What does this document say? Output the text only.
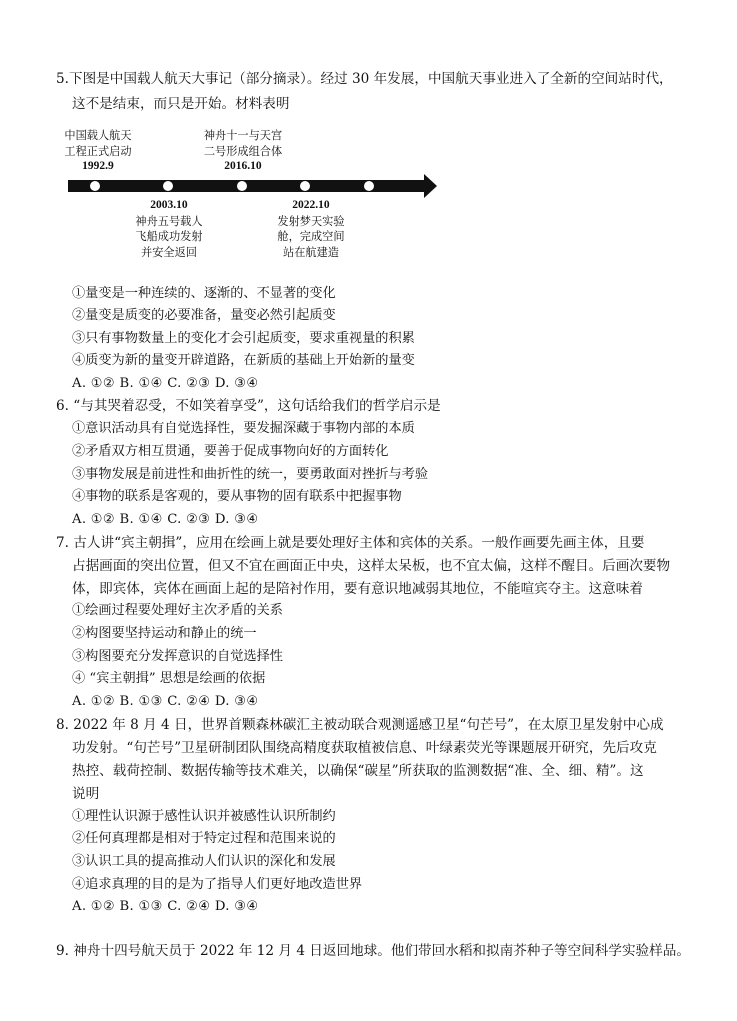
5.下图是中国载人航天大事记（部分摘录）。经过 30 年发展，中国航天事业进入了全新的空间站时代，
这不是结束，而只是开始。材料表明
中国载人航天
工程正式启动
1992.9
2003.10
神舟五号载人
飞船成功发射
并安全返回
神舟十一与天宫
二号形成组合体
2016.10
2022.10
发射梦天实验
舱，完成空间
站在航建造
①量变是一种连续的、逐渐的、不显著的变化
②量变是质变的必要准备，量变必然引起质变
③只有事物数量上的变化才会引起质变，要求重视量的积累
④质变为新的量变开辟道路，在新质的基础上开始新的量变
A. ①② B. ①④ C. ②③ D. ③④
6. “与其哭着忍受，不如笑着享受”，这句话给我们的哲学启示是
①意识活动具有自觉选择性，要发掘深藏于事物内部的本质
②矛盾双方相互贯通，要善于促成事物向好的方面转化
③事物发展是前进性和曲折性的统一，要勇敢面对挫折与考验
④事物的联系是客观的，要从事物的固有联系中把握事物
A. ①② B. ①④ C. ②③ D. ③④
7. 古人讲“宾主朝揖”，应用在绘画上就是要处理好主体和宾体的关系。一般作画要先画主体，且要
占据画面的突出位置，但又不宜在画面正中央，这样太呆板，也不宜太偏，这样不醒目。后画次要物
体，即宾体，宾体在画面上起的是陪衬作用，要有意识地减弱其地位，不能喧宾夺主。这意味着
①绘画过程要处理好主次矛盾的关系
②构图要坚持运动和静止的统一
③构图要充分发挥意识的自觉选择性
④ “宾主朝揖” 思想是绘画的依据
A. ①② B. ①③ C. ②④ D. ③④
8. 2022 年 8 月 4 日，世界首颗森林碳汇主被动联合观测遥感卫星“句芒号”，在太原卫星发射中心成
功发射。“句芒号”卫星研制团队围绕高精度获取植被信息、叶绿素荧光等课题展开研究，先后攻克
热控、载荷控制、数据传输等技术难关，以确保“碳星”所获取的监测数据“准、全、细、精”。这
说明
①理性认识源于感性认识并被感性认识所制约
②任何真理都是相对于特定过程和范围来说的
③认识工具的提高推动人们认识的深化和发展
④追求真理的目的是为了指导人们更好地改造世界
A. ①② B. ①③ C. ②④ D. ③④
9. 神舟十四号航天员于 2022 年 12 月 4 日返回地球。他们带回水稻和拟南芥种子等空间科学实验样品。
